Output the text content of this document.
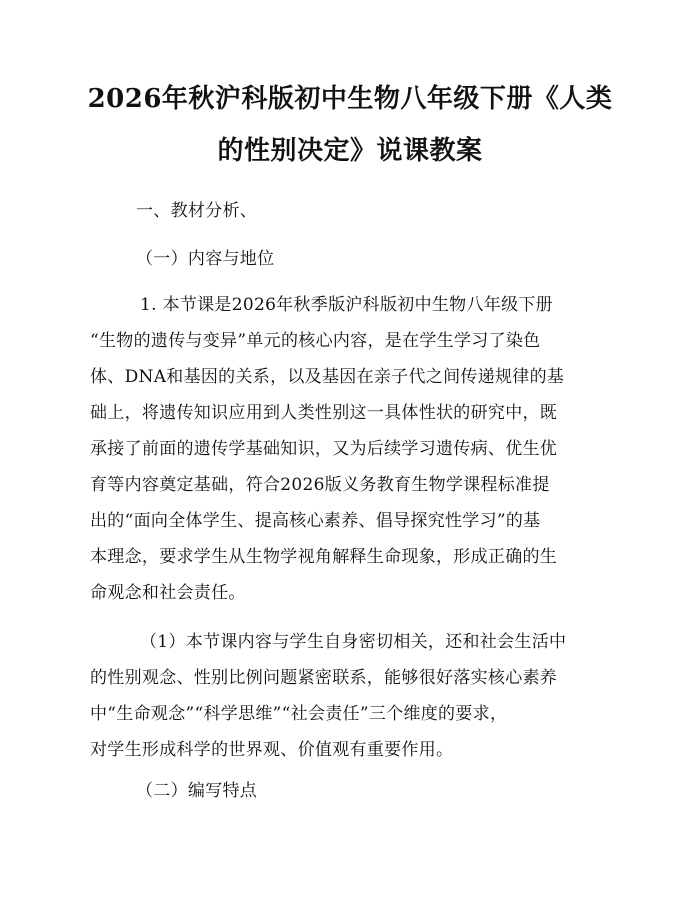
2026年秋沪科版初中生物八年级下册《人类
的性别决定》说课教案
一、教材分析、
（一）内容与地位
1. 本节课是2026年秋季版沪科版初中生物八年级下册
“生物的遗传与变异”单元的核心内容，是在学生学习了染色
体、DNA和基因的关系，以及基因在亲子代之间传递规律的基
础上，将遗传知识应用到人类性别这一具体性状的研究中，既
承接了前面的遗传学基础知识，又为后续学习遗传病、优生优
育等内容奠定基础，符合2026版义务教育生物学课程标准提
出的“面向全体学生、提高核心素养、倡导探究性学习”的基
本理念，要求学生从生物学视角解释生命现象，形成正确的生
命观念和社会责任。
（1）本节课内容与学生自身密切相关，还和社会生活中
的性别观念、性别比例问题紧密联系，能够很好落实核心素养
中“生命观念”“科学思维”“社会责任”三个维度的要求，
对学生形成科学的世界观、价值观有重要作用。
（二）编写特点
